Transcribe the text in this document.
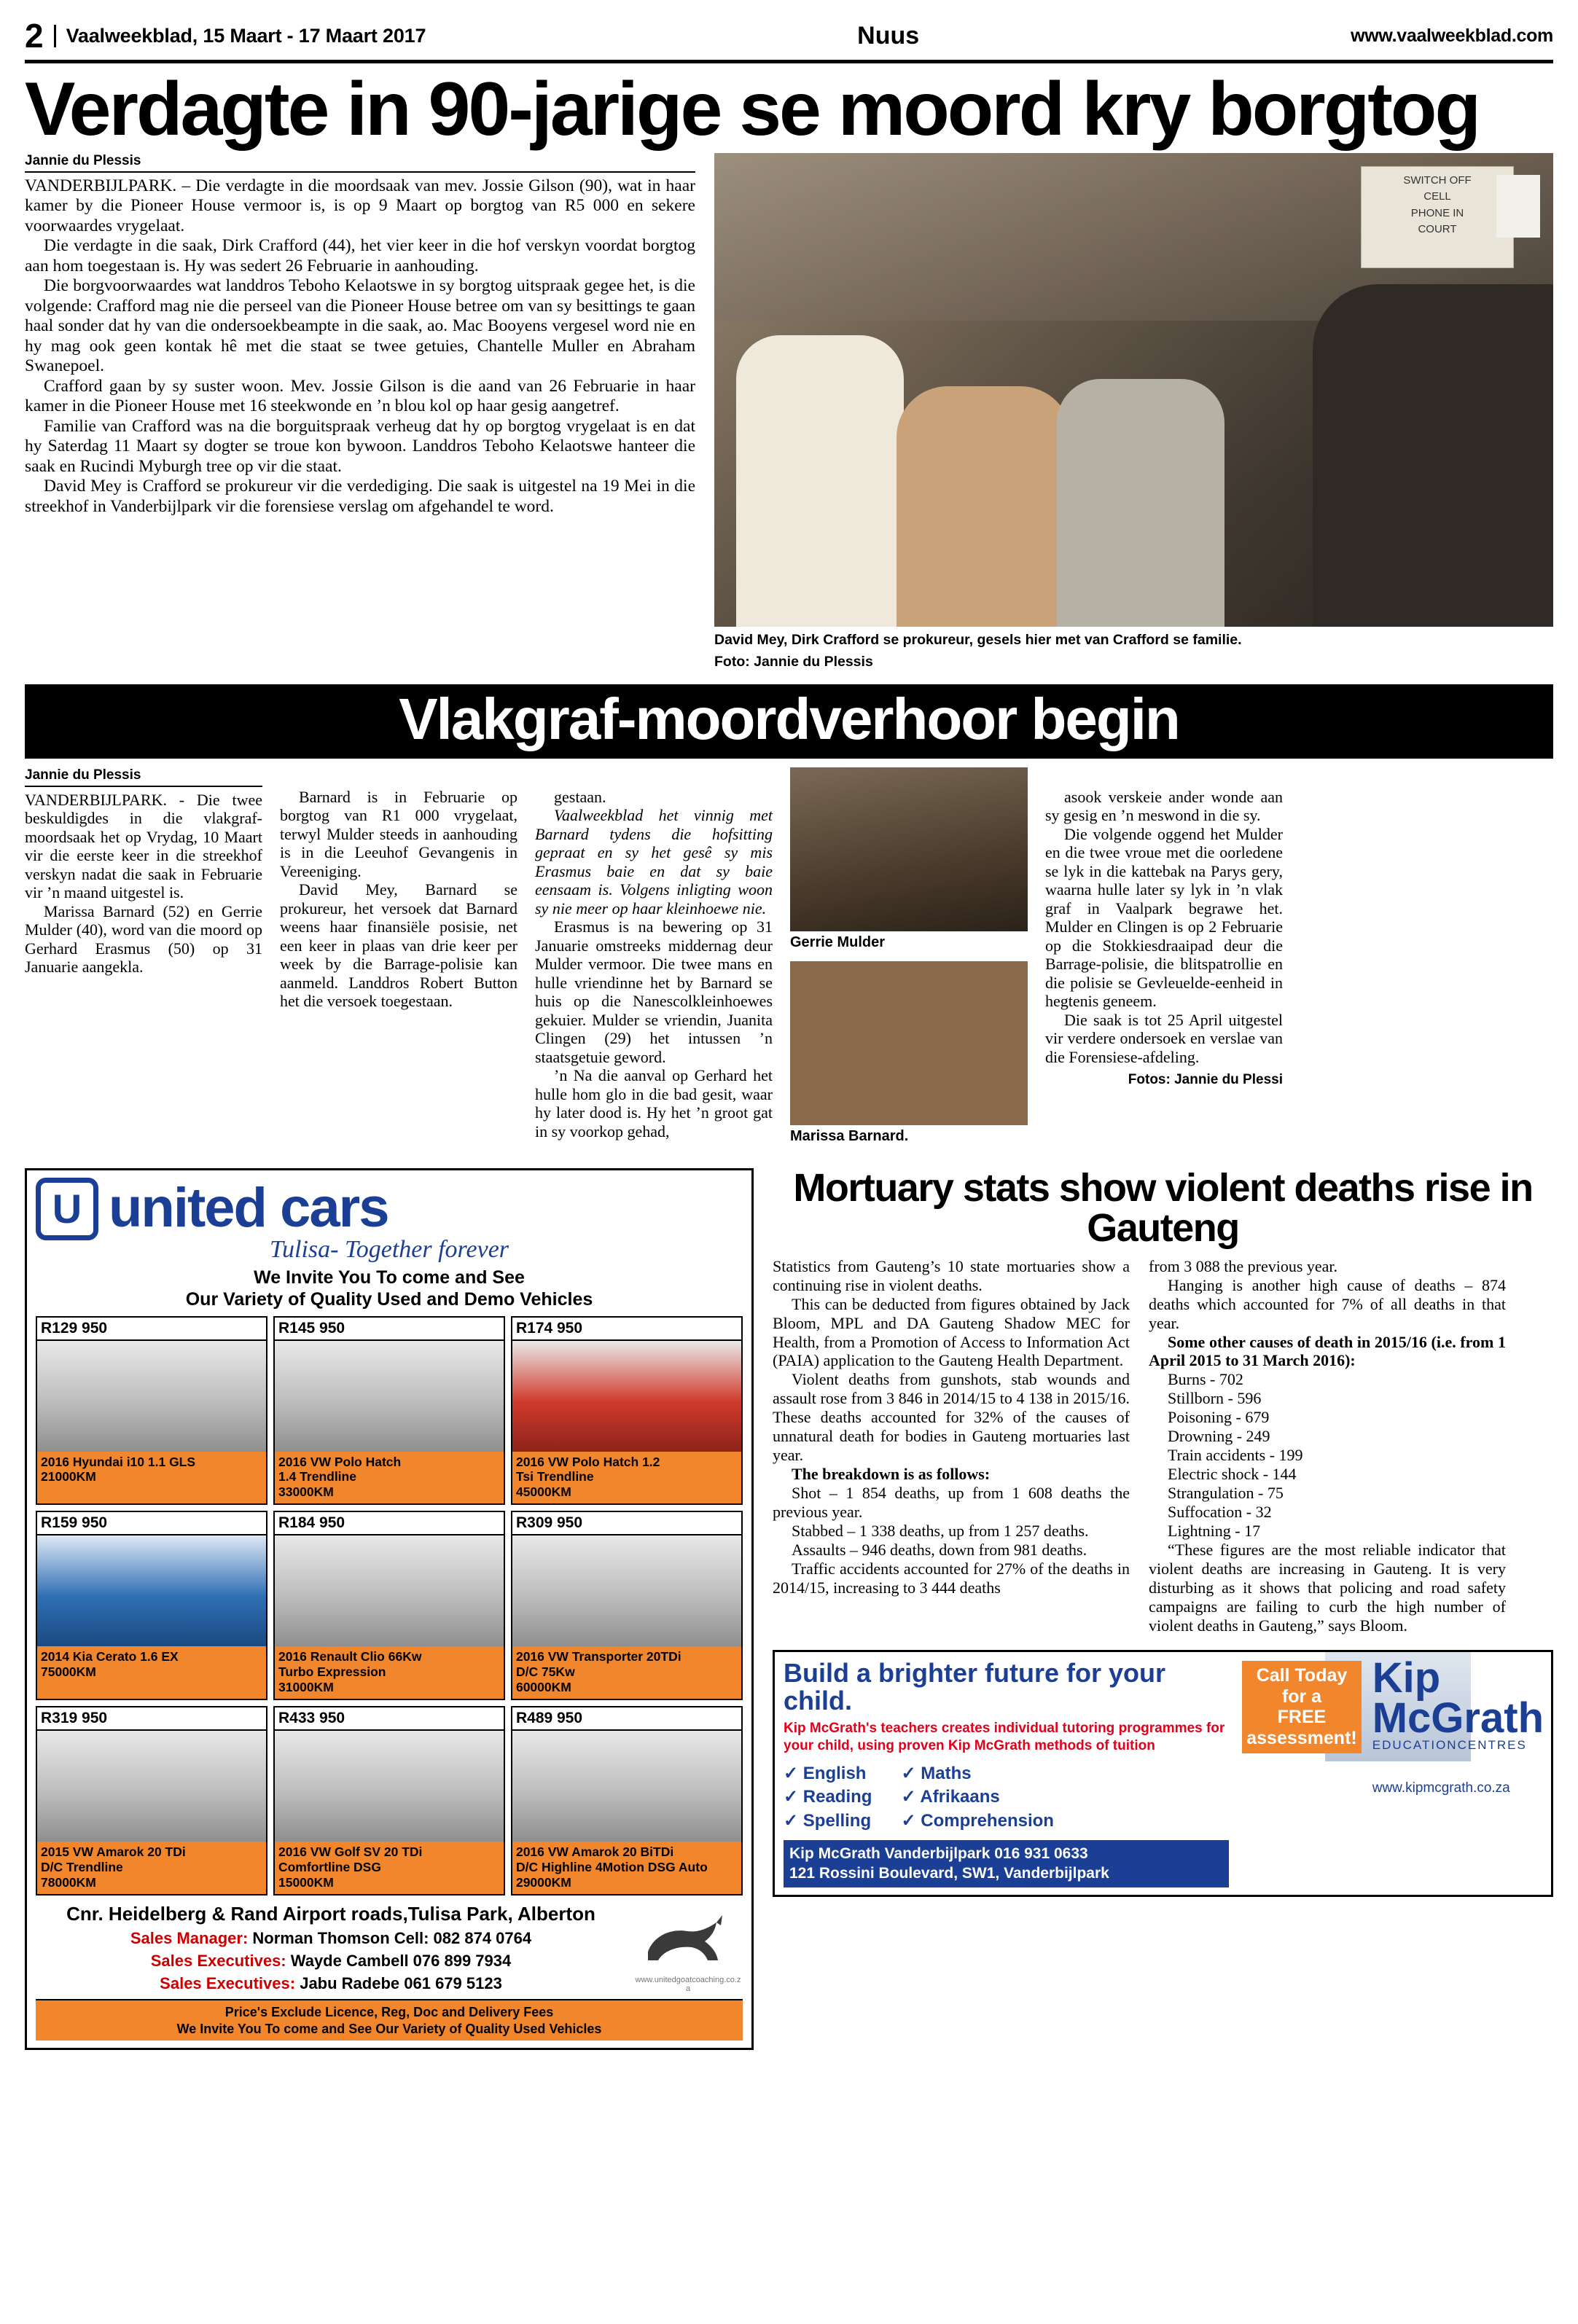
2	Vaalweekblad, 15 Maart - 17 Maart 2017	Nuus	www.vaalweekblad.com
Verdagte in 90-jarige se moord kry borgtog
Jannie du Plessis

VANDERBIJLPARK. – Die verdagte in die moordsaak van mev. Jossie Gilson (90), wat in haar kamer by die Pioneer House vermoor is, is op 9 Maart op borgtog van R5 000 en sekere voorwaardes vrygelaat.

Die verdagte in die saak, Dirk Crafford (44), het vier keer in die hof verskyn voordat borgtog aan hom toegestaan is. Hy was sedert 26 Februarie in aanhouding.

Die borgvoorwaardes wat landdros Teboho Kelaotswe in sy borgtog uitspraak gegee het, is die volgende: Crafford mag nie die perseel van die Pioneer House betree om van sy besittings te gaan haal sonder dat hy van die ondersoekbeampte in die saak, ao. Mac Booyens vergesel word nie en hy mag ook geen kontak hê met die staat se twee getuies, Chantelle Muller en Abraham Swanepoel.

Crafford gaan by sy suster woon. Mev. Jossie Gilson is die aand van 26 Februarie in haar kamer in die Pioneer House met 16 steekwonde en ’n blou kol op haar gesig aangetref.

Familie van Crafford was na die borguitspraak verheug dat hy op borgtog vrygelaat is en dat hy Saterdag 11 Maart sy dogter se troue kon bywoon. Landdros Teboho Kelaotswe hanteer die saak en Rucindi Myburgh tree op vir die staat.

David Mey is Crafford se prokureur vir die verdediging. Die saak is uitgestel na 19 Mei in die streekhof in Vanderbijlpark vir die forensiese verslag om afgehandel te word.

SWITCH OFF
CELL
PHONE IN
COURT
David Mey, Dirk Crafford se prokureur, gesels hier met van Crafford se familie.
Foto: Jannie du Plessis
Vlakgraf-moordverhoor begin
Jannie du Plessis

VANDERBIJLPARK. - Die twee beskuldigdes in die vlakgraf-moordsaak het op Vrydag, 10 Maart vir die eerste keer in die streekhof verskyn nadat die saak in Februarie vir ’n maand uitgestel is.

Marissa Barnard (52) en Gerrie Mulder (40), word van die moord op Gerhard Erasmus (50) op 31 Januarie aangekla.

Barnard is in Februarie op borgtog van R1 000 vrygelaat, terwyl Mulder steeds in aanhouding is in die Leeuhof Gevangenis in Vereeniging.

David Mey, Barnard se prokureur, het versoek dat Barnard weens haar finansiële posisie, net een keer in plaas van drie keer per week by die Barrage-polisie kan aanmeld. Landdros Robert Button het die versoek toegestaan.

gestaan.

Vaalweekblad het vinnig met Barnard tydens die hofsitting gepraat en sy het gesê sy mis Erasmus baie en dat sy baie eensaam is. Volgens inligting woon sy nie meer op haar kleinhoewe nie.

Erasmus is na bewering op 31 Januarie omstreeks middernag deur Mulder vermoor. Die twee mans en hulle vriendinne het by Barnard se huis op die Nanescolkleinhoewes gekuier. Mulder se vriendin, Juanita Clingen (29) het intussen ’n staatsgetuie geword.

’n Na die aanval op Gerhard het hulle hom glo in die bad gesit, waar hy later dood is. Hy het ’n groot gat in sy voorkop gehad,

Gerrie Mulder
Marissa Barnard.

asook verskeie ander wonde aan sy gesig en ’n meswond in die sy.

Die volgende oggend het Mulder en die twee vroue met die oorledene se lyk in die kattebak na Parys gery, waarna hulle later sy lyk in ’n vlak graf in Vaalpark begrawe het. Mulder en Clingen is op 2 Februarie op die Stokkiesdraaipad deur die Barrage-polisie, die blitspatrollie en die polisie se Gevleuelde-eenheid in hegtenis geneem.

Die saak is tot 25 April uitgestel vir verdere ondersoek en verslae van die Forensiese-afdeling.

Fotos: Jannie du Plessi
U united cars
Tulisa- Together forever
We Invite You To come and See
Our Variety of Quality Used and Demo Vehicles
R129 950
2016 Hyundai i10 1.1 GLS
21000KM
R145 950
2016 VW Polo Hatch
1.4 Trendline
33000KM
R174 950
2016 VW Polo Hatch 1.2
Tsi Trendline
45000KM
R159 950
2014 Kia Cerato 1.6 EX
75000KM
R184 950
2016 Renault Clio 66Kw
Turbo Expression
31000KM
R309 950
2016 VW Transporter 20TDi
D/C 75Kw
60000KM
R319 950
2015 VW Amarok 20 TDi
D/C Trendline
78000KM
R433 950
2016 VW Golf SV 20 TDi
Comfortline DSG
15000KM
R489 950
2016 VW Amarok 20 BiTDi
D/C Highline 4Motion DSG Auto
29000KM
Cnr. Heidelberg & Rand Airport roads,Tulisa Park, Alberton
Sales Manager: Norman Thomson Cell: 082 874 0764
Sales Executives: Wayde Cambell 076 899 7934
Sales Executives: Jabu Radebe 061 679 5123	www.unitedgoatcoaching.co.za
Price's Exclude Licence, Reg, Doc and Delivery Fees
We Invite You To come and See Our Variety of Quality Used Vehicles
Mortuary stats show violent deaths rise in Gauteng

Statistics from Gauteng’s 10 state mortuaries show a continuing rise in violent deaths.

This can be deducted from figures obtained by Jack Bloom, MPL and DA Gauteng Shadow MEC for Health, from a Promotion of Access to Information Act (PAIA) application to the Gauteng Health Department.

Violent deaths from gunshots, stab wounds and assault rose from 3 846 in 2014/15 to 4 138 in 2015/16. These deaths accounted for 32% of the causes of unnatural death for bodies in Gauteng mortuaries last year.

The breakdown is as follows:

Shot – 1 854 deaths, up from 1 608 deaths the previous year.

Stabbed – 1 338 deaths, up from 1 257 deaths.

Assaults – 946 deaths, down from 981 deaths.

Traffic accidents accounted for 27% of the deaths in 2014/15, increasing to 3 444 deaths

from 3 088 the previous year.

Hanging is another high cause of deaths – 874 deaths which accounted for 7% of all deaths in that year.

Some other causes of death in 2015/16 (i.e. from 1 April 2015 to 31 March 2016):

Burns - 702

Stillborn - 596

Poisoning - 679

Drowning - 249

Train accidents - 199

Electric shock - 144

Strangulation - 75

Suffocation - 32

Lightning - 17

“These figures are the most reliable indicator that violent deaths are increasing in Gauteng. It is very disturbing as it shows that policing and road safety campaigns are failing to curb the high number of violent deaths in Gauteng,” says Bloom.

Build a brighter future for your child.
Kip McGrath's teachers creates individual tutoring programmes for your child, using proven Kip McGrath methods of tuition
✓ English
✓ Reading
✓ Spelling
✓ Maths
✓ Afrikaans
✓ Comprehension
Kip McGrath Vanderbijlpark 016 931 0633
121 Rossini Boulevard, SW1, Vanderbijlpark
Call Today
for a
FREE
assessment!
Kip
McGrath
EDUCATIONCENTRES
www.kipmcgrath.co.za
